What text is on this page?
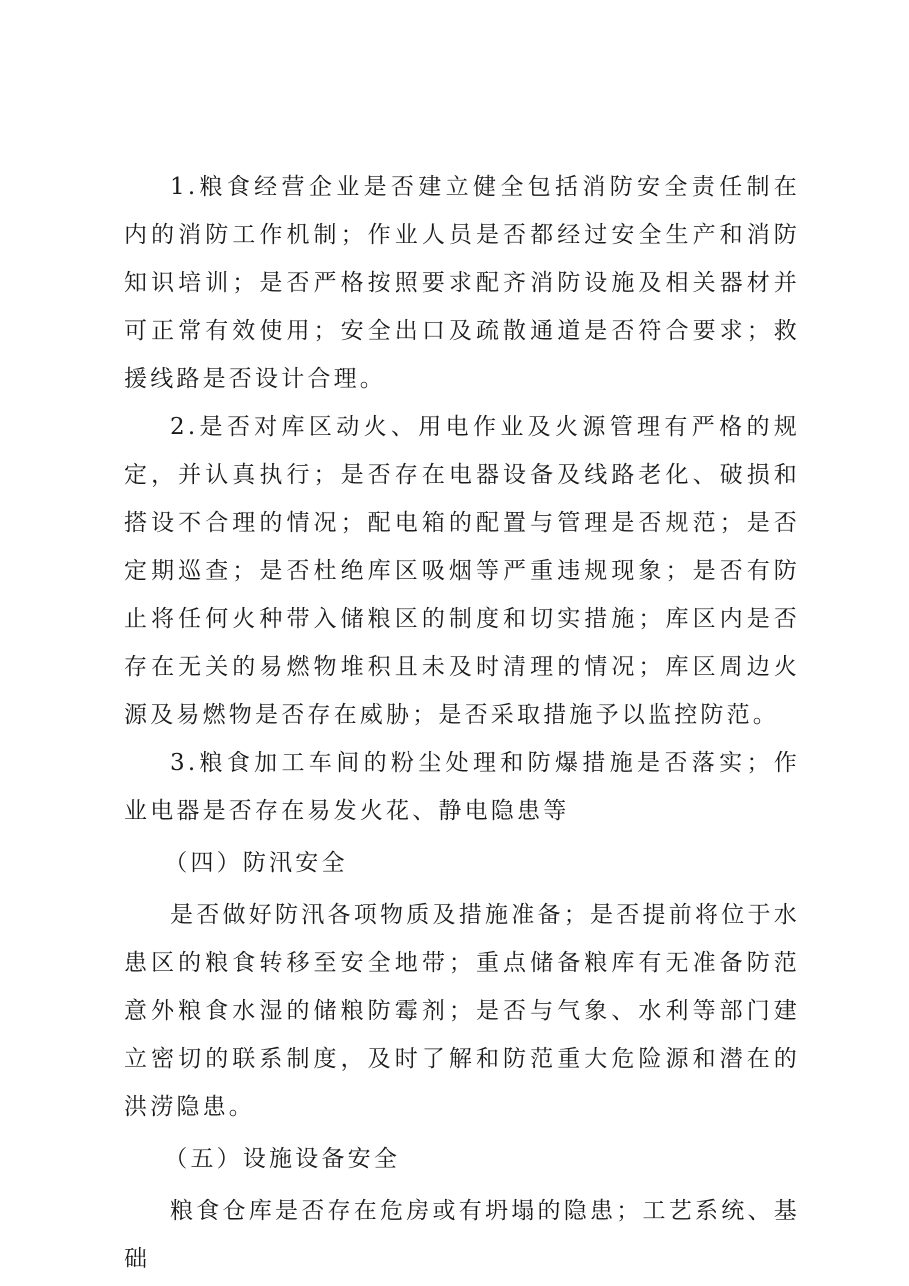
1.粮食经营企业是否建立健全包括消防安全责任制在内的消防工作机制；作业人员是否都经过安全生产和消防知识培训；是否严格按照要求配齐消防设施及相关器材并可正常有效使用；安全出口及疏散通道是否符合要求；救援线路是否设计合理。

2.是否对库区动火、用电作业及火源管理有严格的规定，并认真执行；是否存在电器设备及线路老化、破损和搭设不合理的情况；配电箱的配置与管理是否规范；是否定期巡查；是否杜绝库区吸烟等严重违规现象；是否有防止将任何火种带入储粮区的制度和切实措施；库区内是否存在无关的易燃物堆积且未及时清理的情况；库区周边火源及易燃物是否存在威胁；是否采取措施予以监控防范。

3.粮食加工车间的粉尘处理和防爆措施是否落实；作业电器是否存在易发火花、静电隐患等

（四）防汛安全

是否做好防汛各项物质及措施准备；是否提前将位于水患区的粮食转移至安全地带；重点储备粮库有无准备防范意外粮食水湿的储粮防霉剂；是否与气象、水利等部门建立密切的联系制度，及时了解和防范重大危险源和潜在的洪涝隐患。

（五）设施设备安全

粮食仓库是否存在危房或有坍塌的隐患；工艺系统、基础
